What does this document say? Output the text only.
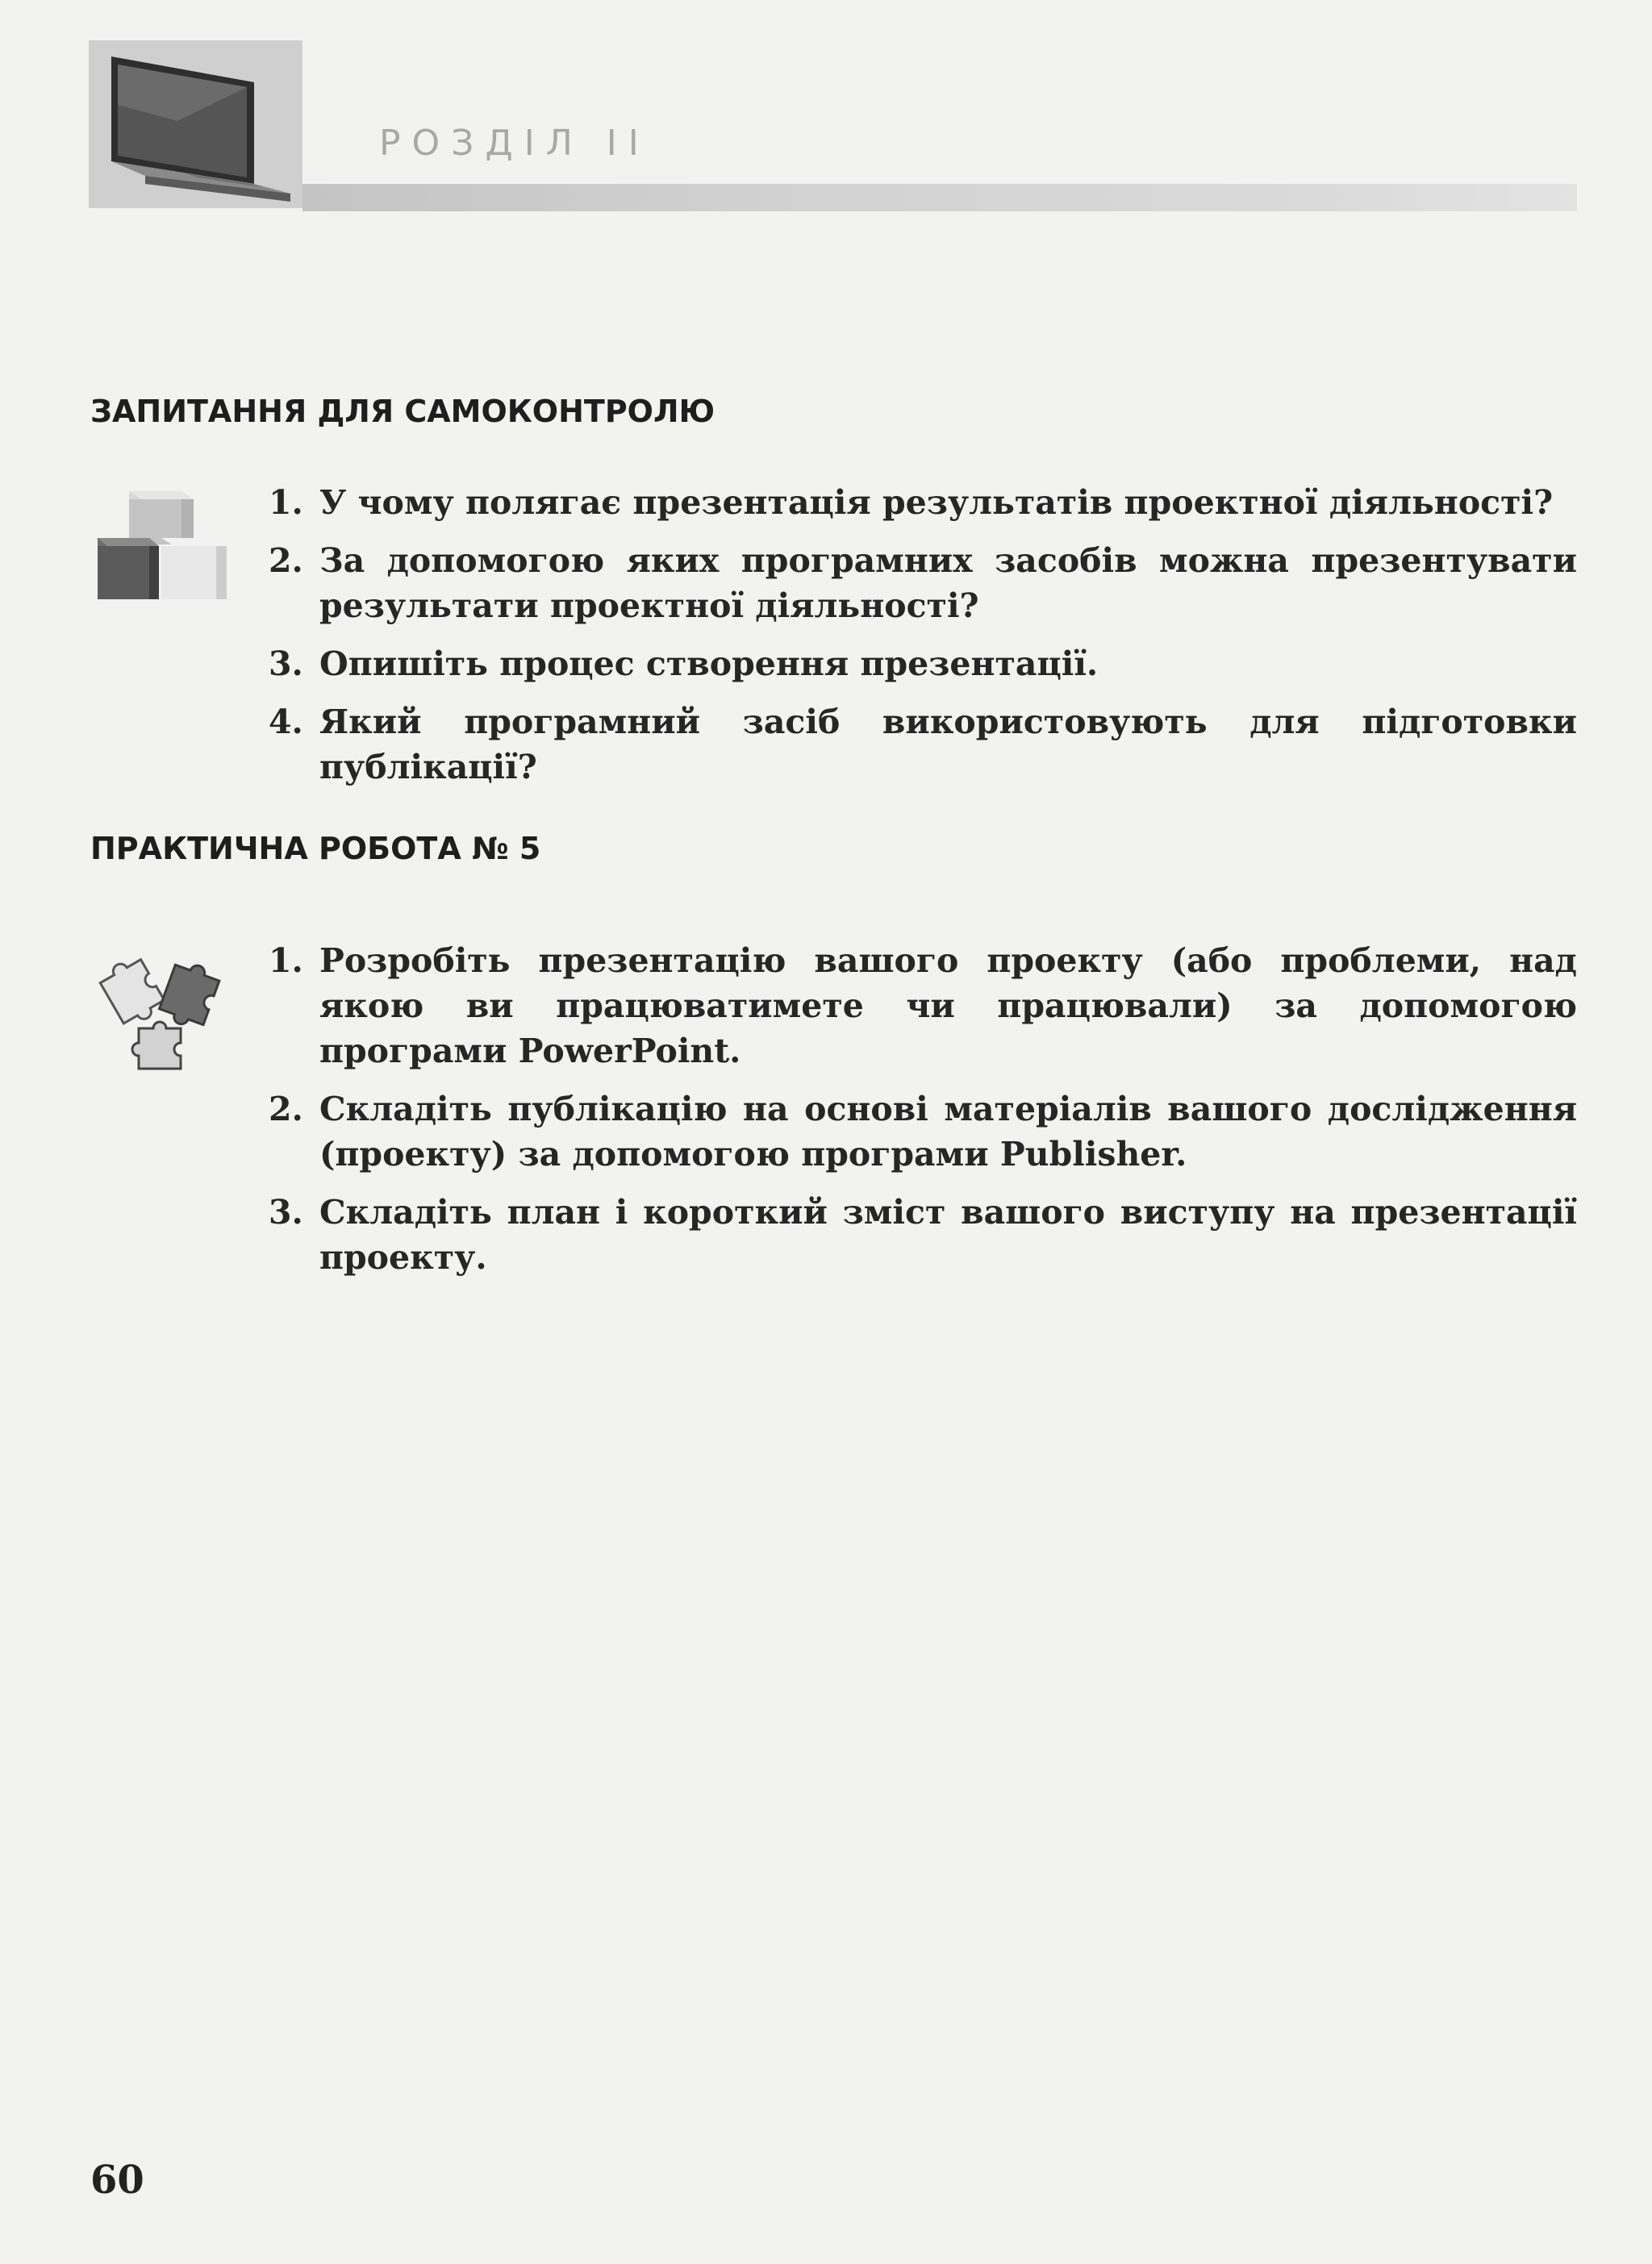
РОЗДІЛ II
ЗАПИТАННЯ ДЛЯ САМОКОНТРОЛЮ
1. У чому полягає презентація результатів проектної діяльності?
2. За допомогою яких програмних засобів можна презентувати результати проектної діяльності?
3. Опишіть процес створення презентації.
4. Який програмний засіб використовують для підготовки публікації?
ПРАКТИЧНА РОБОТА № 5
1. Розробіть презентацію вашого проекту (або проблеми, над якою ви працюватимете чи працювали) за допомогою програми PowerPoint.
2. Складіть публікацію на основі матеріалів вашого дослідження (проекту) за допомогою програми Publisher.
3. Складіть план і короткий зміст вашого виступу на презентації проекту.
60
